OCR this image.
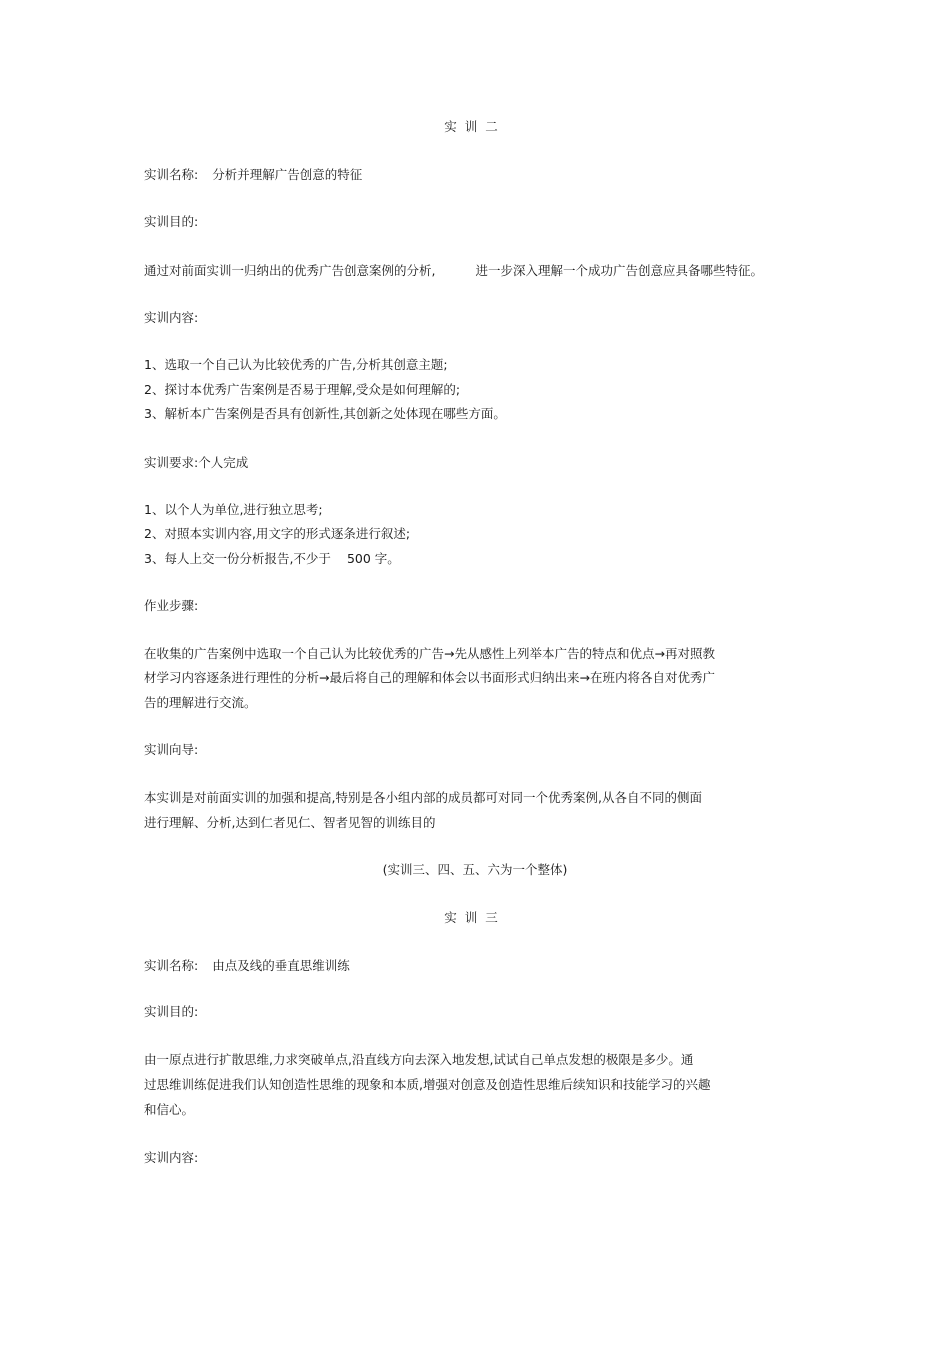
实训二
实训名称: 分析并理解广告创意的特征
实训目的:
通过对前面实训一归纳出的优秀广告创意案例的分析,	进一步深入理解一个成功广告创意应具备哪些特征。
实训内容:
1、选取一个自己认为比较优秀的广告,分析其创意主题;
2、探讨本优秀广告案例是否易于理解,受众是如何理解的;
3、解析本广告案例是否具有创新性,其创新之处体现在哪些方面。
实训要求:个人完成
1、以个人为单位,进行独立思考;
2、对照本实训内容,用文字的形式逐条进行叙述;
3、每人上交一份分析报告,不少于 500 字。
作业步骤:
在收集的广告案例中选取一个自己认为比较优秀的广告→先从感性上列举本广告的特点和优点→再对照教
材学习内容逐条进行理性的分析→最后将自己的理解和体会以书面形式归纳出来→在班内将各自对优秀广
告的理解进行交流。
实训向导:
本实训是对前面实训的加强和提高,特别是各小组内部的成员都可对同一个优秀案例,从各自不同的侧面
进行理解、分析,达到仁者见仁、智者见智的训练目的
(实训三、四、五、六为一个整体)
实训三
实训名称: 由点及线的垂直思维训练
实训目的:
由一原点进行扩散思维,力求突破单点,沿直线方向去深入地发想,试试自己单点发想的极限是多少。通
过思维训练促进我们认知创造性思维的现象和本质,增强对创意及创造性思维后续知识和技能学习的兴趣
和信心。
实训内容:
